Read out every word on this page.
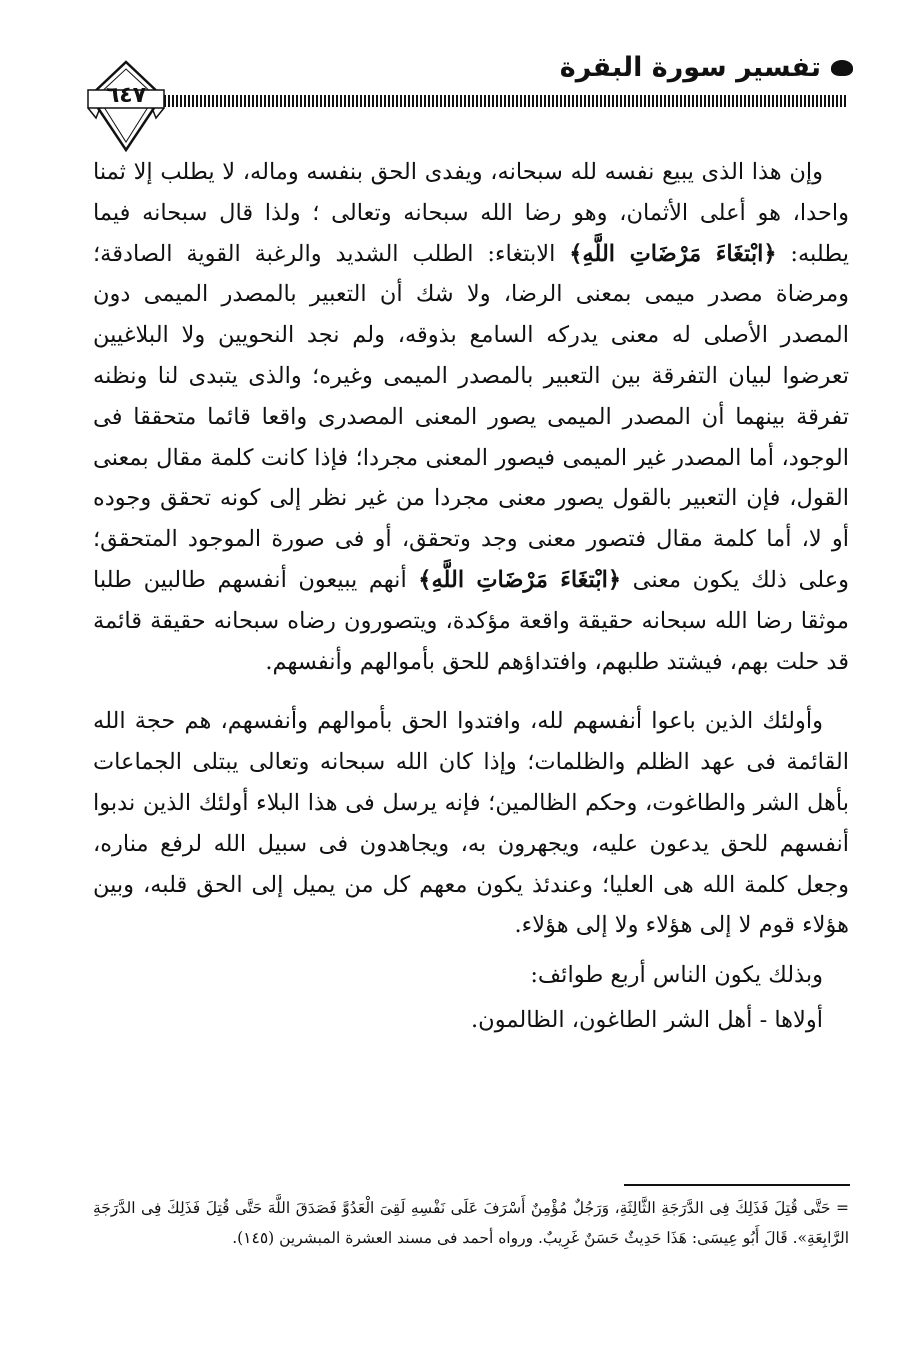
تفسير سورة البقرة
٦٤٧

وإن هذا الذى يبيع نفسه لله سبحانه، ويفدى الحق بنفسه وماله، لا يطلب إلا ثمنا واحدا، هو أعلى الأثمان، وهو رضا الله سبحانه وتعالى ؛ ولذا قال سبحانه فيما يطلبه: ﴿ابْتغَاءَ مَرْضَاتِ اللَّهِ﴾ الابتغاء: الطلب الشديد والرغبة القوية الصادقة؛ ومرضاة مصدر ميمى بمعنى الرضا، ولا شك أن التعبير بالمصدر الميمى دون المصدر الأصلى له معنى يدركه السامع بذوقه، ولم نجد النحويين ولا البلاغيين تعرضوا لبيان التفرقة بين التعبير بالمصدر الميمى وغيره؛ والذى يتبدى لنا ونظنه تفرقة بينهما أن المصدر الميمى يصور المعنى المصدرى واقعا قائما متحققا فى الوجود، أما المصدر غير الميمى فيصور المعنى مجردا؛ فإذا كانت كلمة مقال بمعنى القول، فإن التعبير بالقول يصور معنى مجردا من غير نظر إلى كونه تحقق وجوده أو لا، أما كلمة مقال فتصور معنى وجد وتحقق، أو فى صورة الموجود المتحقق؛ وعلى ذلك يكون معنى ﴿ابْتغَاءَ مَرْضَاتِ اللَّهِ﴾ أنهم يبيعون أنفسهم طالبين طلبا موثقا رضا الله سبحانه حقيقة واقعة مؤكدة، ويتصورون رضاه سبحانه حقيقة قائمة قد حلت بهم، فيشتد طلبهم، وافتداؤهم للحق بأموالهم وأنفسهم.

وأولئك الذين باعوا أنفسهم لله، وافتدوا الحق بأموالهم وأنفسهم، هم حجة الله القائمة فى عهد الظلم والظلمات؛ وإذا كان الله سبحانه وتعالى يبتلى الجماعات بأهل الشر والطاغوت، وحكم الظالمين؛ فإنه يرسل فى هذا البلاء أولئك الذين ندبوا أنفسهم للحق يدعون عليه، ويجهرون به، ويجاهدون فى سبيل الله لرفع مناره، وجعل كلمة الله هى العليا؛ وعندئذ يكون معهم كل من يميل إلى الحق قلبه، وبين هؤلاء قوم لا إلى هؤلاء ولا إلى هؤلاء.

وبذلك يكون الناس أربع طوائف:

أولاها - أهل الشر الطاغون، الظالمون.

= حَتَّى قُتِلَ فَذَلِكَ فِى الدَّرَجَةِ الثَّالِثَةِ، وَرَجُلٌ مُؤْمِنٌ أَسْرَفَ عَلَى نَفْسِهِ لَقِىَ الْعَدُوَّ فَصَدَقَ اللَّهَ حَتَّى قُتِلَ فَذَلِكَ فِى الدَّرَجَةِ الرَّابِعَةِ». قَالَ أَبُو عِيسَى: هَذَا حَدِيثٌ حَسَنٌ غَرِيبٌ. ورواه أحمد فى مسند العشرة المبشرين (١٤٥).
